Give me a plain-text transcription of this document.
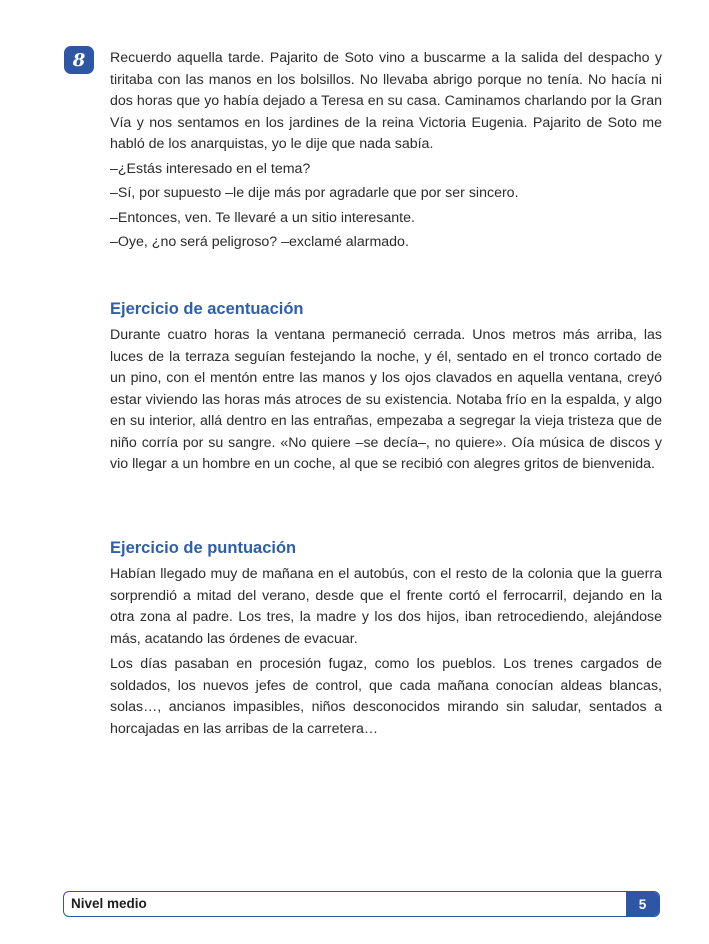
8	Recuerdo aquella tarde. Pajarito de Soto vino a buscarme a la salida del despacho y tiritaba con las manos en los bolsillos. No llevaba abrigo porque no tenía. No hacía ni dos horas que yo había dejado a Teresa en su casa. Caminamos charlando por la Gran Vía y nos sentamos en los jardines de la reina Victoria Eugenia. Pajarito de Soto me habló de los anarquistas, yo le dije que nada sabía.

–¿Estás interesado en el tema?

–Sí, por supuesto –le dije más por agradarle que por ser sincero.

–Entonces, ven. Te llevaré a un sitio interesante.

–Oye, ¿no será peligroso? –exclamé alarmado.

Ejercicio de acentuación

Durante cuatro horas la ventana permaneció cerrada. Unos metros más arriba, las luces de la terraza seguían festejando la noche, y él, sentado en el tronco cortado de un pino, con el mentón entre las manos y los ojos clavados en aquella ventana, creyó estar viviendo las horas más atroces de su existencia. Notaba frío en la espalda, y algo en su interior, allá dentro en las entrañas, empezaba a segregar la vieja tristeza que de niño corría por su sangre. «No quiere –se decía–, no quiere». Oía música de discos y vio llegar a un hombre en un coche, al que se recibió con alegres gritos de bienvenida.

Ejercicio de puntuación

Habían llegado muy de mañana en el autobús, con el resto de la colonia que la guerra sorprendió a mitad del verano, desde que el frente cortó el ferrocarril, dejando en la otra zona al padre. Los tres, la madre y los dos hijos, iban retrocediendo, alejándose más, acatando las órdenes de evacuar.

Los días pasaban en procesión fugaz, como los pueblos. Los trenes cargados de soldados, los nuevos jefes de control, que cada mañana conocían aldeas blancas, solas…, ancianos impasibles, niños desconocidos mirando sin saludar, sentados a horcajadas en las arribas de la carretera…

Nivel medio	5
